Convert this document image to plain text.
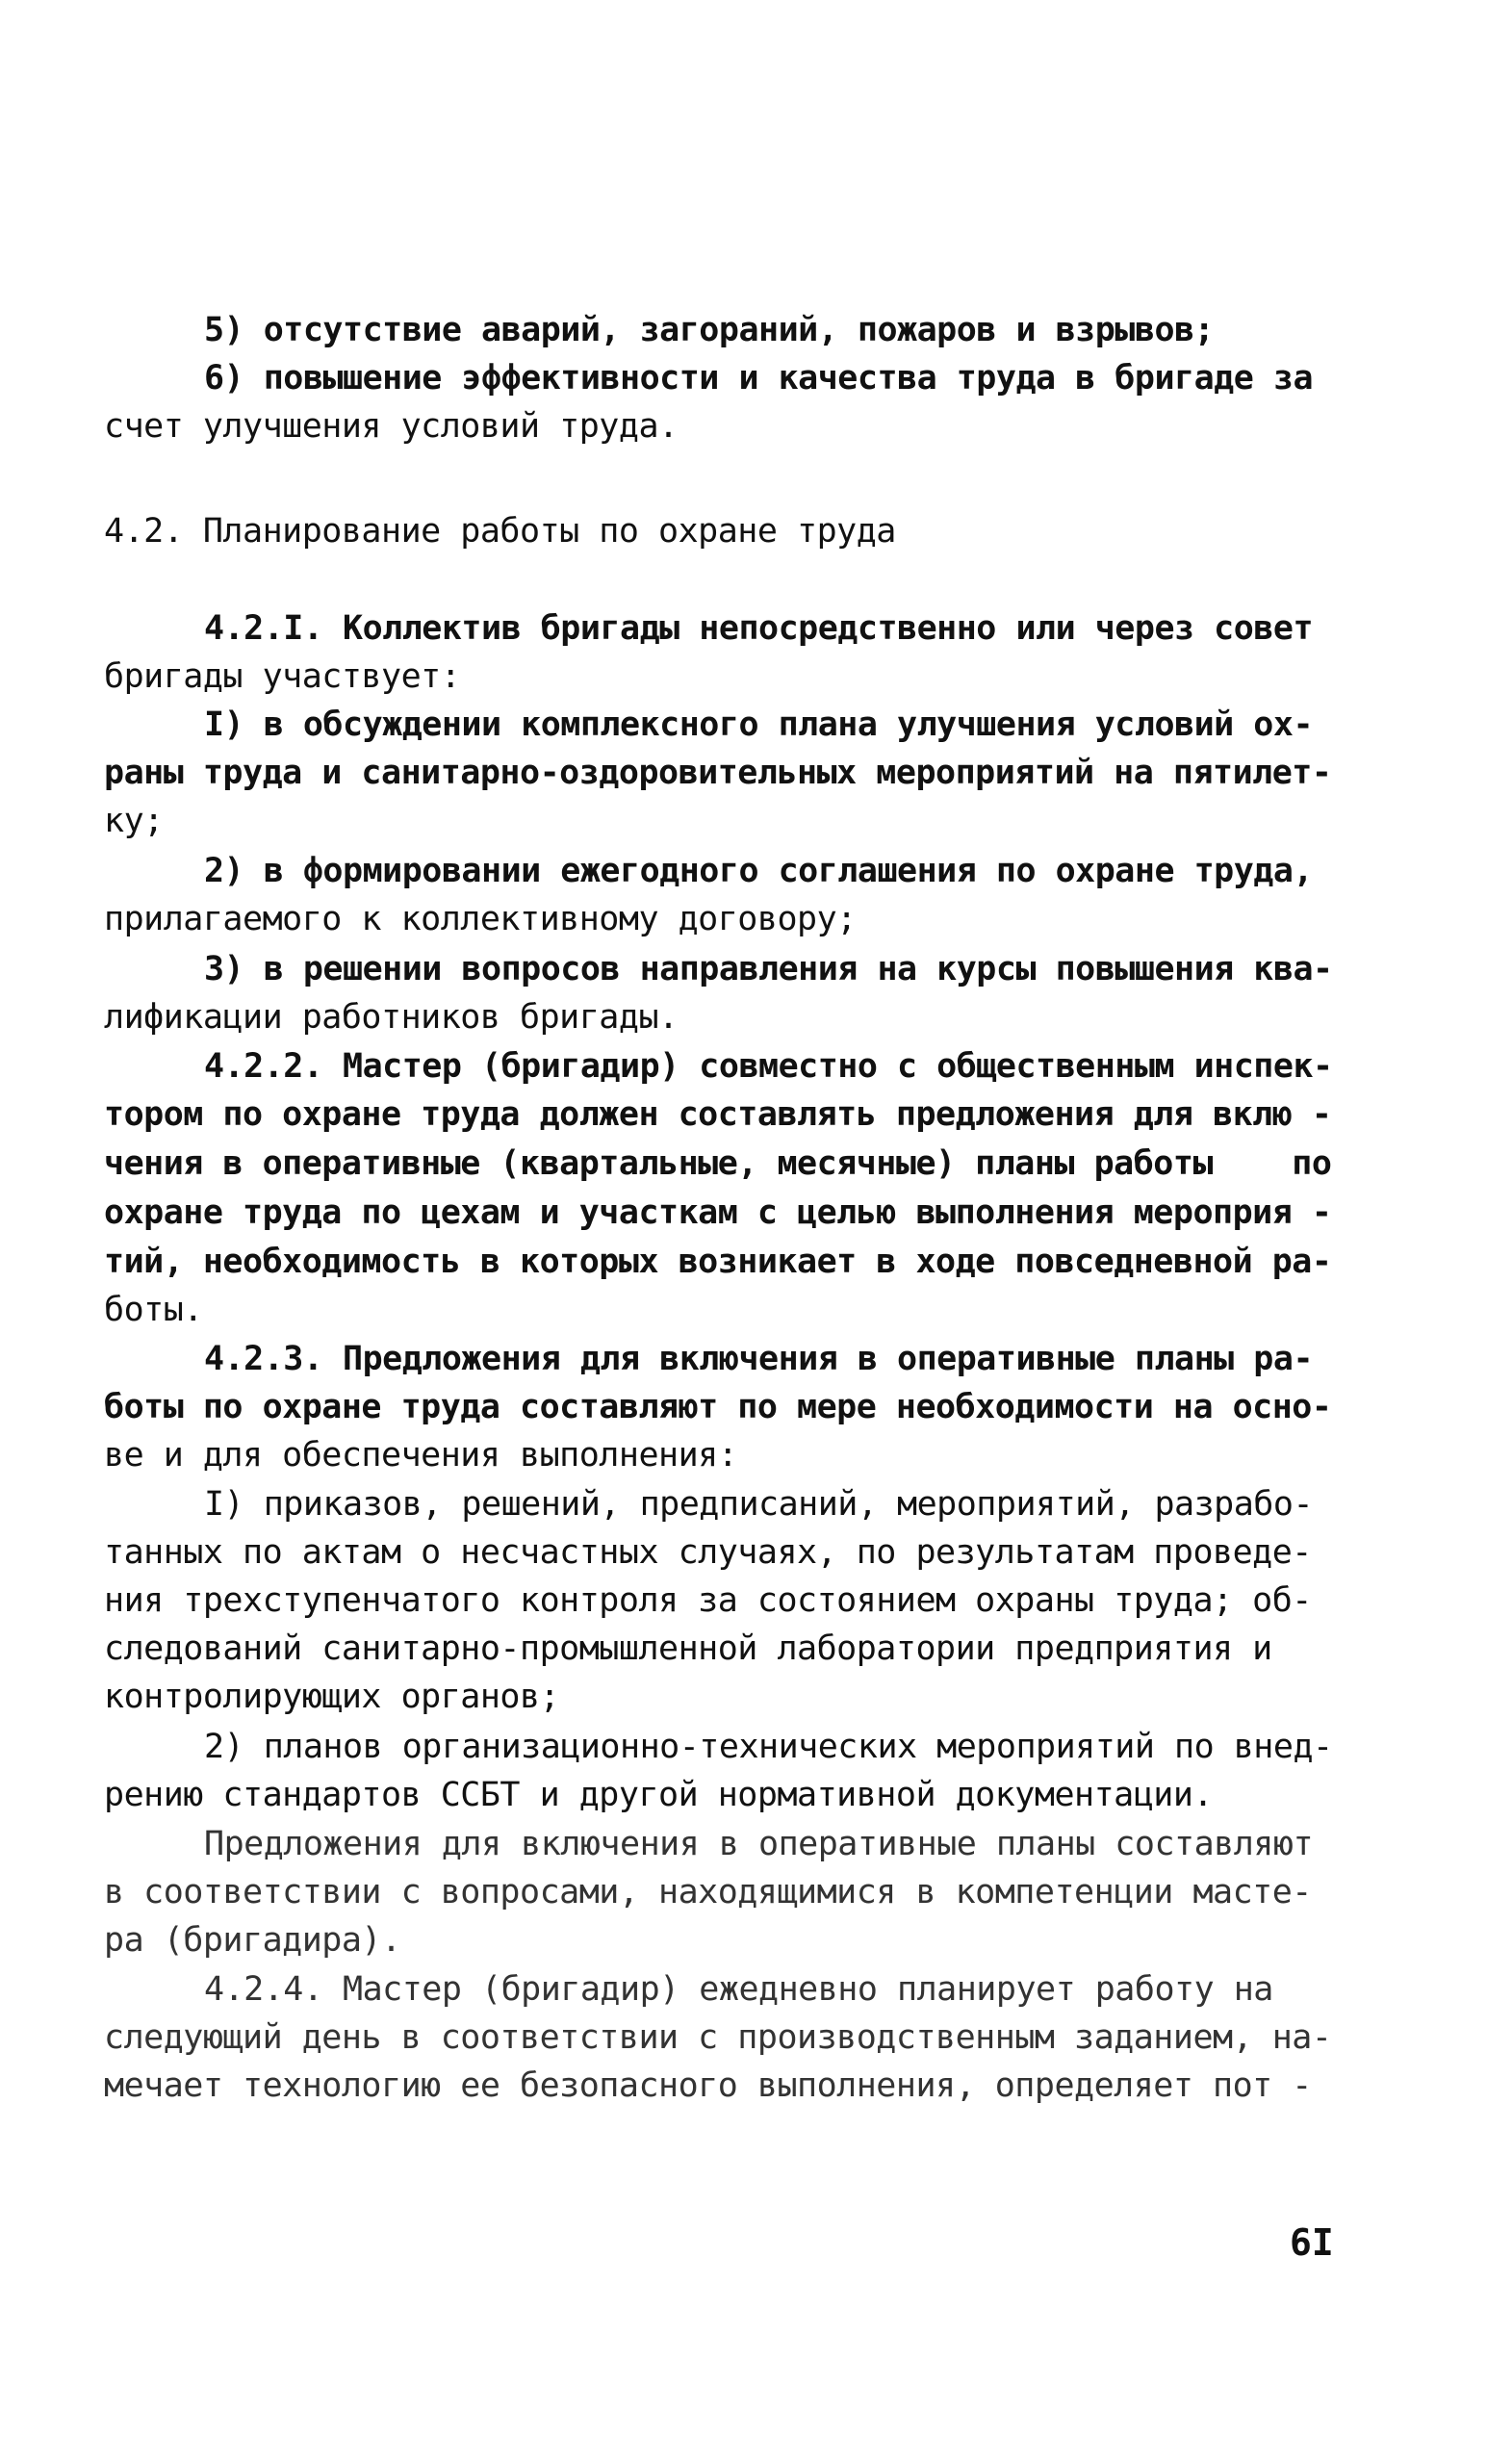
5) отсутствие аварий, загораний, пожаров и взрывов;
6) повышение эффективности и качества труда в бригаде за
счет улучшения условий труда.
4.2. Планирование работы по охране труда
4.2.I. Коллектив бригады непосредственно или через совет
бригады участвует:
I) в обсуждении комплексного плана улучшения условий ох-
раны труда и санитарно-оздоровительных мероприятий на пятилет-
ку;
2) в формировании ежегодного соглашения по охране труда,
прилагаемого к коллективному договору;
3) в решении вопросов направления на курсы повышения ква-
лификации работников бригады.
4.2.2. Мастер (бригадир) совместно с общественным инспек-
тором по охране труда должен составлять предложения для вклю -
чения в оперативные (квартальные, месячные) планы работы    по
охране труда по цехам и участкам с целью выполнения мероприя -
тий, необходимость в которых возникает в ходе повседневной ра-
боты.
4.2.3. Предложения для включения в оперативные планы ра-
боты по охране труда составляют по мере необходимости на осно-
ве и для обеспечения выполнения:
I) приказов, решений, предписаний, мероприятий, разрабо-
танных по актам о несчастных случаях, по результатам проведе-
ния трехступенчатого контроля за состоянием охраны труда; об-
следований санитарно-промышленной лаборатории предприятия и
контролирующих органов;
2) планов организационно-технических мероприятий по внед-
рению стандартов ССБТ и другой нормативной документации.
Предложения для включения в оперативные планы составляют
в соответствии с вопросами, находящимися в компетенции масте-
ра (бригадира).
4.2.4. Мастер (бригадир) ежедневно планирует работу на
следующий день в соответствии с производственным заданием, на-
мечает технологию ее безопасного выполнения, определяет пот -
6I
